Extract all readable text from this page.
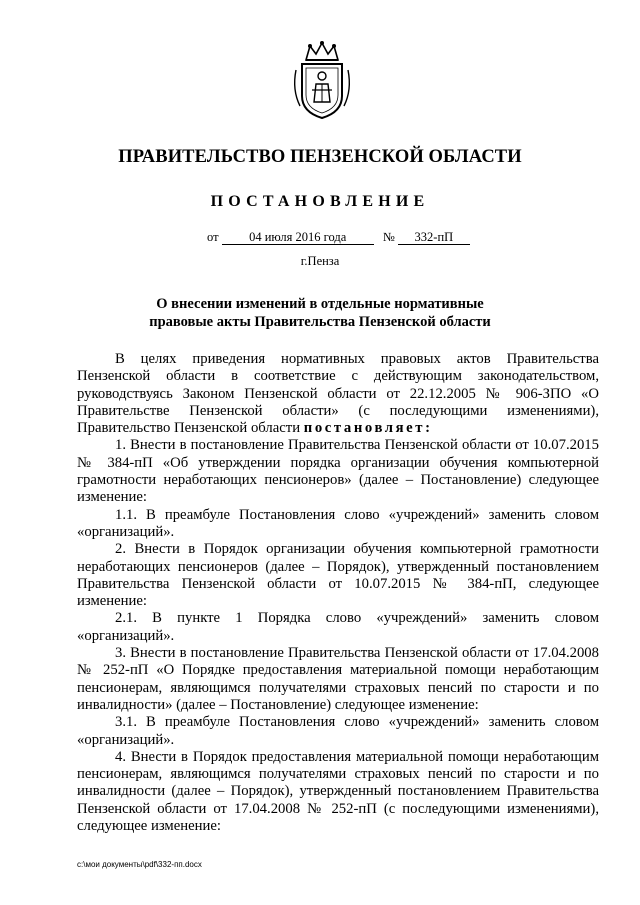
ПРАВИТЕЛЬСТВО ПЕНЗЕНСКОЙ ОБЛАСТИ
ПОСТАНОВЛЕНИЕ
от 04 июля 2016 года	№ 332-пП
г.Пенза
О внесении изменений в отдельные нормативные
правовые акты Правительства Пензенской области

В целях приведения нормативных правовых актов Правительства Пензенской области в соответствие с действующим законодательством, руководствуясь Законом Пензенской области от 22.12.2005 № 906-ЗПО «О Правительстве Пензенской области» (с последующими изменениями), Правительство Пензенской области постановляет:

1. Внести в постановление Правительства Пензенской области от 10.07.2015 № 384-пП «Об утверждении порядка организации обучения компьютерной грамотности неработающих пенсионеров» (далее – Постановление) следующее изменение:

1.1. В преамбуле Постановления слово «учреждений» заменить словом «организаций».

2. Внести в Порядок организации обучения компьютерной грамотности неработающих пенсионеров (далее – Порядок), утвержденный постановлением Правительства Пензенской области от 10.07.2015 № 384-пП, следующее изменение:

2.1. В пункте 1 Порядка слово «учреждений» заменить словом «организаций».

3. Внести в постановление Правительства Пензенской области от 17.04.2008 № 252-пП «О Порядке предоставления материальной помощи неработающим пенсионерам, являющимся получателями страховых пенсий по старости и по инвалидности» (далее – Постановление) следующее изменение:

3.1. В преамбуле Постановления слово «учреждений» заменить словом «организаций».

4. Внести в Порядок предоставления материальной помощи неработающим пенсионерам, являющимся получателями страховых пенсий по старости и по инвалидности (далее – Порядок), утвержденный постановлением Правительства Пензенской области от 17.04.2008 № 252-пП (с последующими изменениями), следующее изменение:

c:\мои документы\pdf\332-пп.docx
